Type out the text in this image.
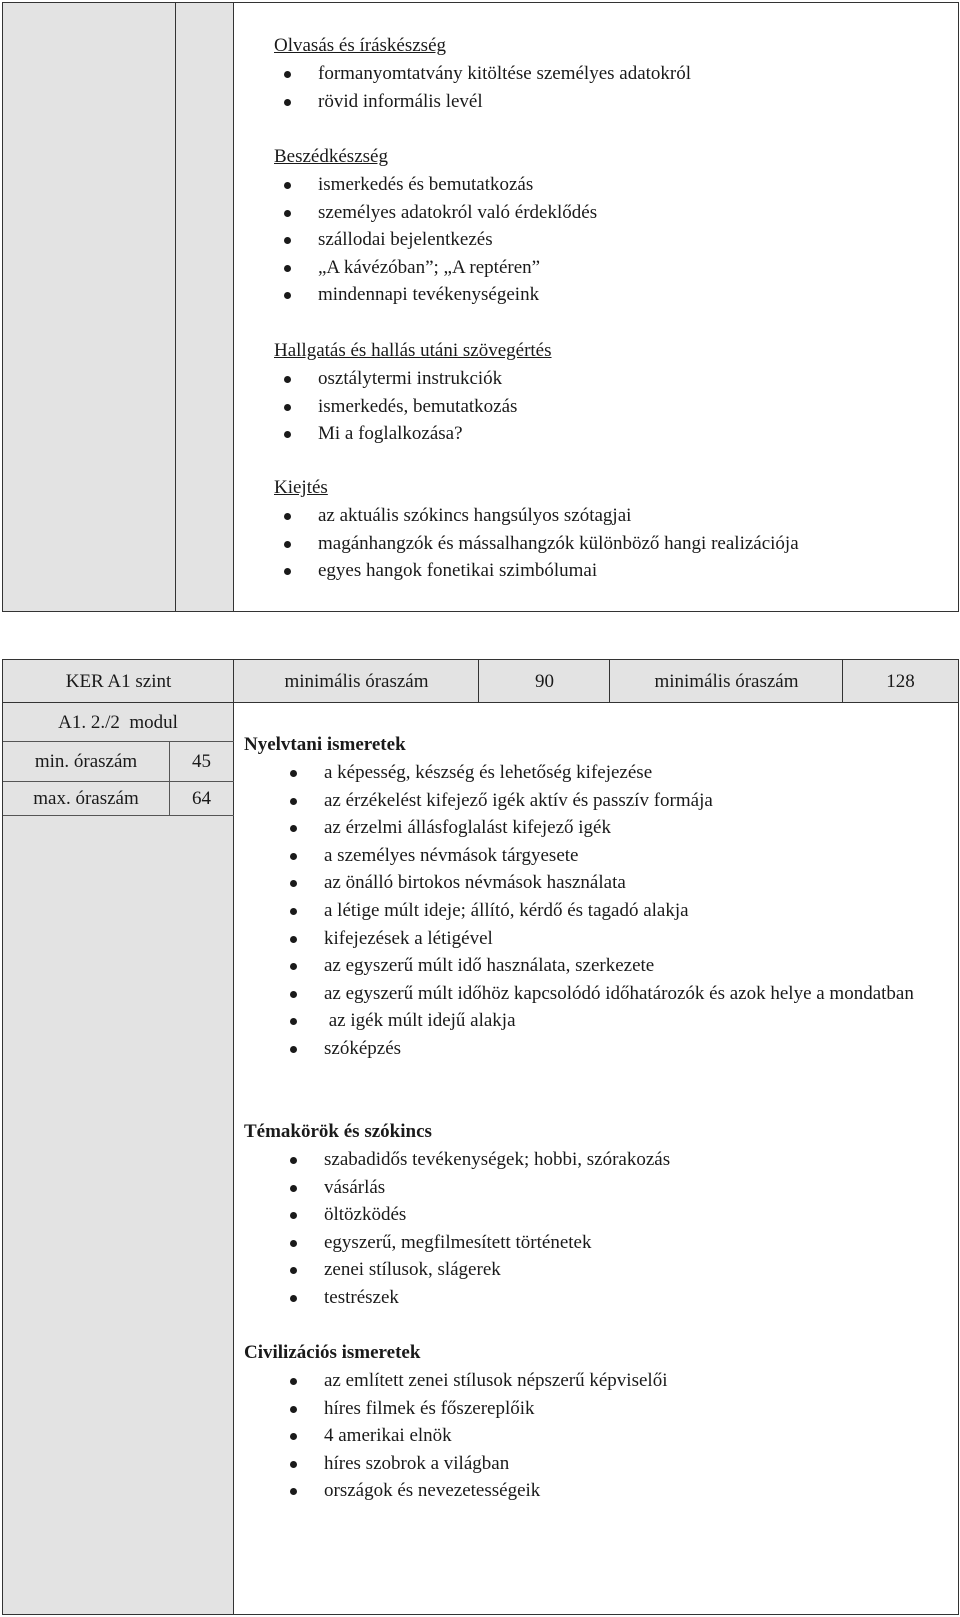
Olvasás és íráskészség
formanyomtatvány kitöltése személyes adatokról
rövid informális levél
Beszédkészség
ismerkedés és bemutatkozás
személyes adatokról való érdeklődés
szállodai bejelentkezés
„A kávézóban”; „A reptéren”
mindennapi tevékenységeink
Hallgatás és hallás utáni szövegértés
osztálytermi instrukciók
ismerkedés, bemutatkozás
Mi a foglalkozása?
Kiejtés
az aktuális szókincs hangsúlyos szótagjai
magánhangzók és mássalhangzók különböző hangi realizációja
egyes hangok fonetikai szimbólumai
KER A1 szint	minimális óraszám	90	minimális óraszám	128
A1. 2./2  modul
min. óraszám	45
max. óraszám	64
Nyelvtani ismeretek
a képesség, készség és lehetőség kifejezése
az érzékelést kifejező igék aktív és passzív formája
az érzelmi állásfoglalást kifejező igék
a személyes névmások tárgyesete
az önálló birtokos névmások használata
a létige múlt ideje; állító, kérdő és tagadó alakja
kifejezések a létigével
az egyszerű múlt idő használata, szerkezete
az egyszerű múlt időhöz kapcsolódó időhatározók és azok helye a mondatban
az igék múlt idejű alakja
szóképzés
Témakörök és szókincs
szabadidős tevékenységek; hobbi, szórakozás
vásárlás
öltözködés
egyszerű, megfilmesített történetek
zenei stílusok, slágerek
testrészek
Civilizációs ismeretek
az említett zenei stílusok népszerű képviselői
híres filmek és főszereplőik
4 amerikai elnök
híres szobrok a világban
országok és nevezetességeik
